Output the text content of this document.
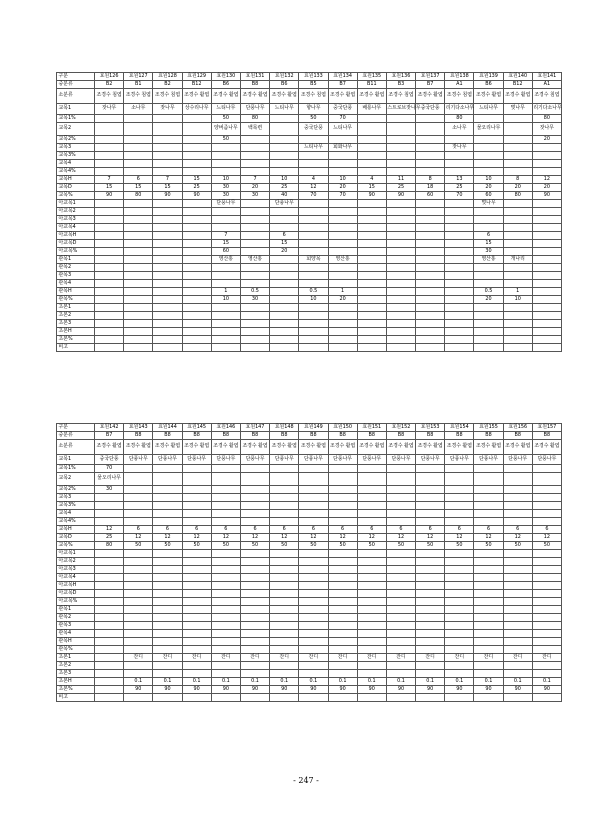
구분	효원126	효원127	효원128	효원129	효원130	효원131	효원132	효원133	효원134	효원135	효원136	효원137	효원138	효원139	효원140	효원141
중분류	B2	B1	B2	B12	B6	B8	B6	B5	B7	B11	B3	B7	A1	B6	B12	A1
소분류	조경수 침엽	조경수 침엽	조경수 침엽	조경수 활엽	조경수 활엽	조경수 활엽	조경수 활엽	조경수 침엽	조경수 활엽	조경수 활엽	조경수 침엽	조경수 활엽	조경수 침엽	조경수 활엽	조경수 활엽	조경수 침엽
교목1	잣나무	소나무	잣나무	상수리나무	느티나무	단풍나무	느티나무	향나무	중국단풍	배롱나무	스트로브잣나무	중국단풍	리기다소나무	느티나무	벚나무	리기다소나무
교목1%					50	80		50	70				80			80
교목2					양버즘나무	백목련		중국단풍	느티나무				소나무	물오리나무		잣나무
교목2%					50											20
교목3								느티나무	회화나무				잣나무			
교목3%																
교목4																
교목4%																
교목H	7	6	7	15	10	7	10	4	10	4	11	8	13	10	8	12
교목D	15	15	15	25	30	20	25	12	20	15	25	18	25	20	20	20
교목%	90	80	90	90	30	30	40	70	70	90	90	60	70	60	80	90
아교목1					단풍나무		단풍나무							벚나무		
아교목2																
아교목3																
아교목4																
아교목H					7		6							6		
아교목D					15		15							15		
아교목%					60		20							30		
관목1					영산홍	영산홍		회양목	영산홍					영산홍	개나리	
관목2																
관목3																
관목4																
관목H					1	0.5		0.5	1					0.5	1	
관목%					10	30		10	20					20	10	
초본1																
초본2																
초본3																
초본H																
초본%																
비고																
구분	효원142	효원143	효원144	효원145	효원146	효원147	효원148	효원149	효원150	효원151	효원152	효원153	효원154	효원155	효원156	효원157
중분류	B7	B8	B8	B8	B8	B8	B8	B8	B8	B8	B8	B8	B8	B8	B8	B8
소분류	조경수 활엽	조경수 활엽	조경수 활엽	조경수 활엽	조경수 활엽	조경수 활엽	조경수 활엽	조경수 활엽	조경수 활엽	조경수 활엽	조경수 활엽	조경수 활엽	조경수 활엽	조경수 활엽	조경수 활엽	조경수 활엽
교목1	중국단풍	단풍나무	단풍나무	단풍나무	단풍나무	단풍나무	단풍나무	단풍나무	단풍나무	단풍나무	단풍나무	단풍나무	단풍나무	단풍나무	단풍나무	단풍나무
교목1%	70															
교목2	물오리나무															
교목2%	30															
교목3																
교목3%																
교목4																
교목4%																
교목H	12	6	6	6	6	6	6	6	6	6	6	6	6	6	6	6
교목D	25	12	12	12	12	12	12	12	12	12	12	12	12	12	12	12
교목%	80	50	50	50	50	50	50	50	50	50	50	50	50	50	50	50
아교목1																
아교목2																
아교목3																
아교목4																
아교목H																
아교목D																
아교목%																
관목1																
관목2																
관목3																
관목4																
관목H																
관목%																
초본1		잔디	잔디	잔디	잔디	잔디	잔디	잔디	잔디	잔디	잔디	잔디	잔디	잔디	잔디	잔디
초본2																
초본3																
초본H		0.1	0.1	0.1	0.1	0.1	0.1	0.1	0.1	0.1	0.1	0.1	0.1	0.1	0.1	0.1
초본%		90	90	90	90	90	90	90	90	90	90	90	90	90	90	90
비고																
- 247 -
